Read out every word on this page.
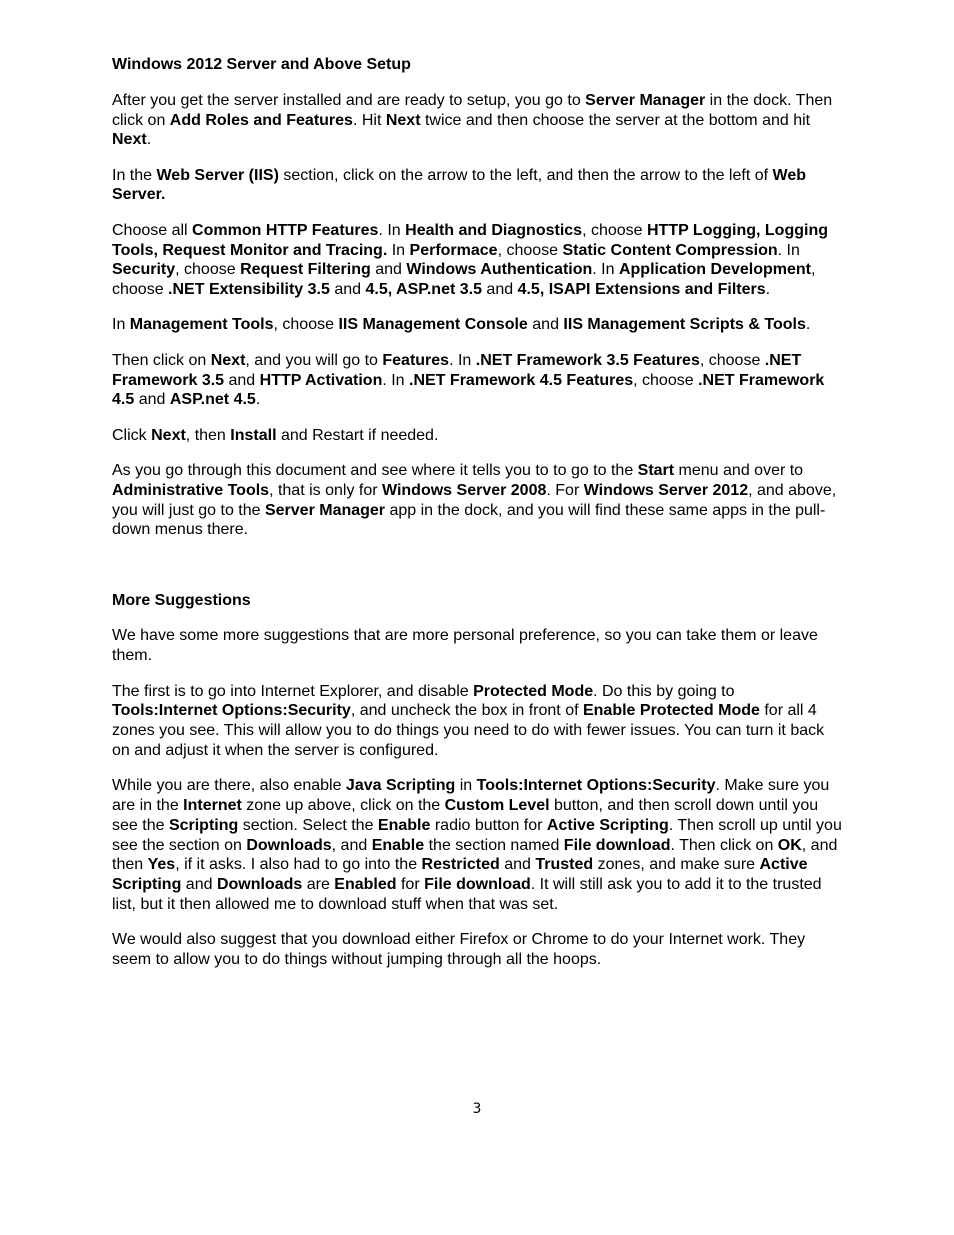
Windows 2012 Server and Above Setup
After you get the server installed and are ready to setup, you go to Server Manager in the dock. Then click on Add Roles and Features. Hit Next twice and then choose the server at the bottom and hit Next.
In the Web Server (IIS) section, click on the arrow to the left, and then the arrow to the left of Web Server.
Choose all Common HTTP Features. In Health and Diagnostics, choose HTTP Logging, Logging Tools, Request Monitor and Tracing. In Performace, choose Static Content Compression. In Security, choose Request Filtering and Windows Authentication. In Application Development, choose .NET Extensibility 3.5 and 4.5, ASP.net 3.5 and 4.5, ISAPI Extensions and Filters.
In Management Tools, choose IIS Management Console and IIS Management Scripts & Tools.
Then click on Next, and you will go to Features. In .NET Framework 3.5 Features, choose .NET Framework 3.5 and HTTP Activation. In .NET Framework 4.5 Features, choose .NET Framework 4.5 and ASP.net 4.5.
Click Next, then Install and Restart if needed.
As you go through this document and see where it tells you to to go to the Start menu and over to Administrative Tools, that is only for Windows Server 2008. For Windows Server 2012, and above, you will just go to the Server Manager app in the dock, and you will find these same apps in the pull-down menus there.
More Suggestions
We have some more suggestions that are more personal preference, so you can take them or leave them.
The first is to go into Internet Explorer, and disable Protected Mode. Do this by going to Tools:Internet Options:Security, and uncheck the box in front of Enable Protected Mode for all 4 zones you see. This will allow you to do things you need to do with fewer issues. You can turn it back on and adjust it when the server is configured.
While you are there, also enable Java Scripting in Tools:Internet Options:Security. Make sure you are in the Internet zone up above, click on the Custom Level button, and then scroll down until you see the Scripting section. Select the Enable radio button for Active Scripting. Then scroll up until you see the section on Downloads, and Enable the section named File download. Then click on OK, and then Yes, if it asks. I also had to go into the Restricted and Trusted zones, and make sure Active Scripting and Downloads are Enabled for File download. It will still ask you to add it to the trusted list, but it then allowed me to download stuff when that was set.
We would also suggest that you download either Firefox or Chrome to do your Internet work. They seem to allow you to do things without jumping through all the hoops.
3
